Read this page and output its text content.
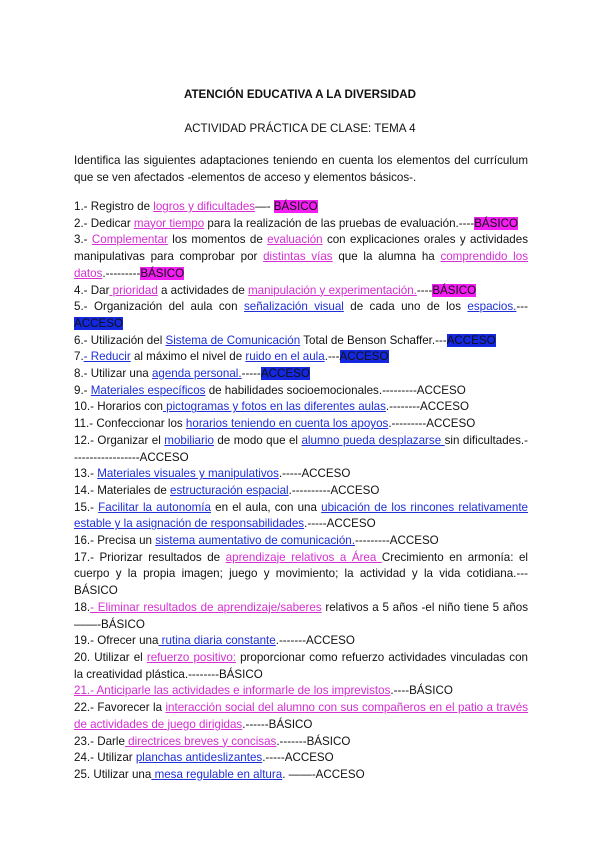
ATENCIÓN EDUCATIVA A LA DIVERSIDAD
ACTIVIDAD PRÁCTICA DE CLASE: TEMA 4
Identifica las siguientes adaptaciones teniendo en cuenta los elementos del currículum que se ven afectados -elementos de acceso y elementos básicos-.
1.- Registro de logros y dificultades—- BÁSICO
2.- Dedicar mayor tiempo para la realización de las pruebas de evaluación.----BÁSICO
3.- Complementar los momentos de evaluación con explicaciones orales y actividades manipulativas para comprobar por distintas vías que la alumna ha comprendido los datos.---------BÁSICO
4.- Dar prioridad a actividades de manipulación y experimentación.----BÁSICO
5.- Organización del aula con señalización visual de cada uno de los espacios.---ACCESO
6.- Utilización del Sistema de Comunicación Total de Benson Schaffer.---ACCESO
7.- Reducir al máximo el nivel de ruido en el aula.---ACCESO
8.- Utilizar una agenda personal.-----ACCESO
9.- Materiales específicos de habilidades socioemocionales.---------ACCESO
10.- Horarios con pictogramas y fotos en las diferentes aulas.--------ACCESO
11.- Confeccionar los horarios teniendo en cuenta los apoyos.---------ACCESO
12.- Organizar el mobiliario de modo que el alumno pueda desplazarse sin dificultades.------------------ACCESO
13.- Materiales visuales y manipulativos.-----ACCESO
14.- Materiales de estructuración espacial.----------ACCESO
15.- Facilitar la autonomía en el aula, con una ubicación de los rincones relativamente estable y la asignación de responsabilidades.-----ACCESO
16.- Precisa un sistema aumentativo de comunicación.---------ACCESO
17.- Priorizar resultados de aprendizaje relativos a Área Crecimiento en armonía: el cuerpo y la propia imagen; juego y movimiento; la actividad y la vida cotidiana.---BÁSICO
18.- Eliminar resultados de aprendizaje/saberes relativos a 5 años -el niño tiene 5 años——-BÁSICO
19.- Ofrecer una rutina diaria constante.-------ACCESO
20. Utilizar el refuerzo positivo: proporcionar como refuerzo actividades vinculadas con la creatividad plástica.--------BÁSICO
21.- Anticiparle las actividades e informarle de los imprevistos.----BÁSICO
22.- Favorecer la interacción social del alumno con sus compañeros en el patio a través de actividades de juego dirigidas.------BÁSICO
23.- Darle directrices breves y concisas.-------BÁSICO
24.- Utilizar planchas antideslizantes.-----ACCESO
25. Utilizar una mesa regulable en altura. ——-ACCESO
